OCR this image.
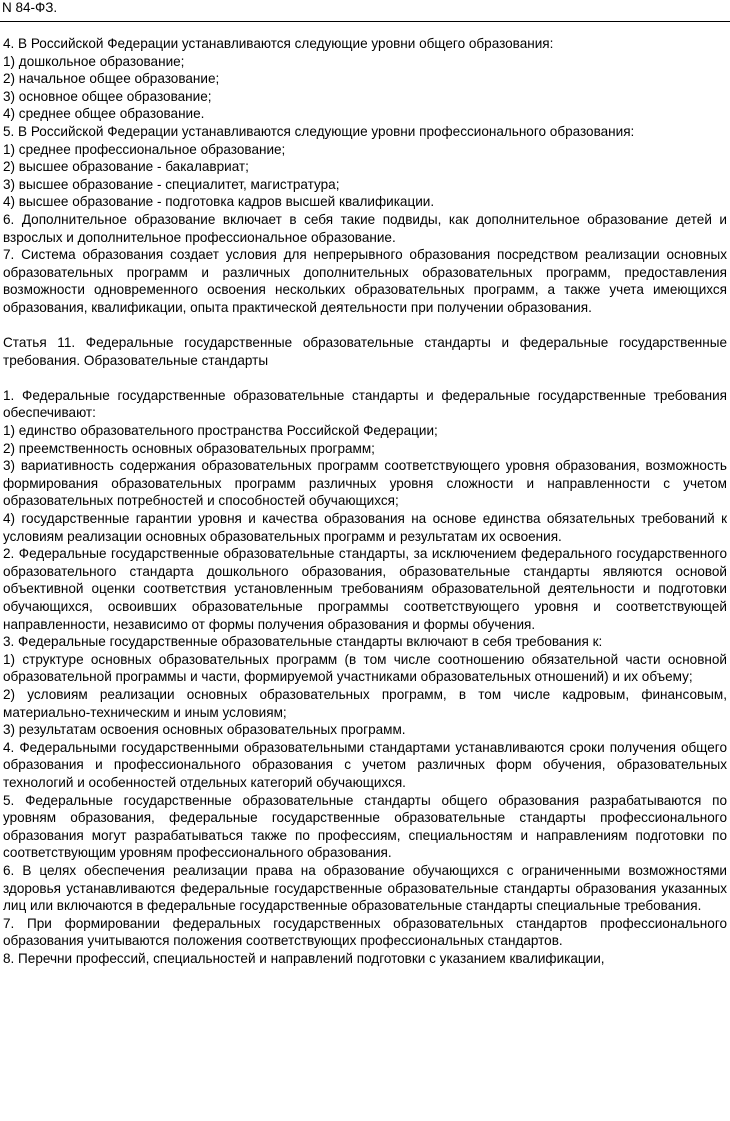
N 84-ФЗ.

4. В Российской Федерации устанавливаются следующие уровни общего образования:

1) дошкольное образование;

2) начальное общее образование;

3) основное общее образование;

4) среднее общее образование.

5. В Российской Федерации устанавливаются следующие уровни профессионального образования:

1) среднее профессиональное образование;

2) высшее образование - бакалавриат;

3) высшее образование - специалитет, магистратура;

4) высшее образование - подготовка кадров высшей квалификации.

6. Дополнительное образование включает в себя такие подвиды, как дополнительное образование детей и взрослых и дополнительное профессиональное образование.

7. Система образования создает условия для непрерывного образования посредством реализации основных образовательных программ и различных дополнительных образовательных программ, предоставления возможности одновременного освоения нескольких образовательных программ, а также учета имеющихся образования, квалификации, опыта практической деятельности при получении образования.

Статья 11. Федеральные государственные образовательные стандарты и федеральные государственные требования. Образовательные стандарты

1. Федеральные государственные образовательные стандарты и федеральные государственные требования обеспечивают:

1) единство образовательного пространства Российской Федерации;

2) преемственность основных образовательных программ;

3) вариативность содержания образовательных программ соответствующего уровня образования, возможность формирования образовательных программ различных уровня сложности и направленности с учетом образовательных потребностей и способностей обучающихся;

4) государственные гарантии уровня и качества образования на основе единства обязательных требований к условиям реализации основных образовательных программ и результатам их освоения.

2. Федеральные государственные образовательные стандарты, за исключением федерального государственного образовательного стандарта дошкольного образования, образовательные стандарты являются основой объективной оценки соответствия установленным требованиям образовательной деятельности и подготовки обучающихся, освоивших образовательные программы соответствующего уровня и соответствующей направленности, независимо от формы получения образования и формы обучения.

3. Федеральные государственные образовательные стандарты включают в себя требования к:

1) структуре основных образовательных программ (в том числе соотношению обязательной части основной образовательной программы и части, формируемой участниками образовательных отношений) и их объему;

2) условиям реализации основных образовательных программ, в том числе кадровым, финансовым, материально-техническим и иным условиям;

3) результатам освоения основных образовательных программ.

4. Федеральными государственными образовательными стандартами устанавливаются сроки получения общего образования и профессионального образования с учетом различных форм обучения, образовательных технологий и особенностей отдельных категорий обучающихся.

5. Федеральные государственные образовательные стандарты общего образования разрабатываются по уровням образования, федеральные государственные образовательные стандарты профессионального образования могут разрабатываться также по профессиям, специальностям и направлениям подготовки по соответствующим уровням профессионального образования.

6. В целях обеспечения реализации права на образование обучающихся с ограниченными возможностями здоровья устанавливаются федеральные государственные образовательные стандарты образования указанных лиц или включаются в федеральные государственные образовательные стандарты специальные требования.

7. При формировании федеральных государственных образовательных стандартов профессионального образования учитываются положения соответствующих профессиональных стандартов.

8. Перечни профессий, специальностей и направлений подготовки с указанием квалификации,
